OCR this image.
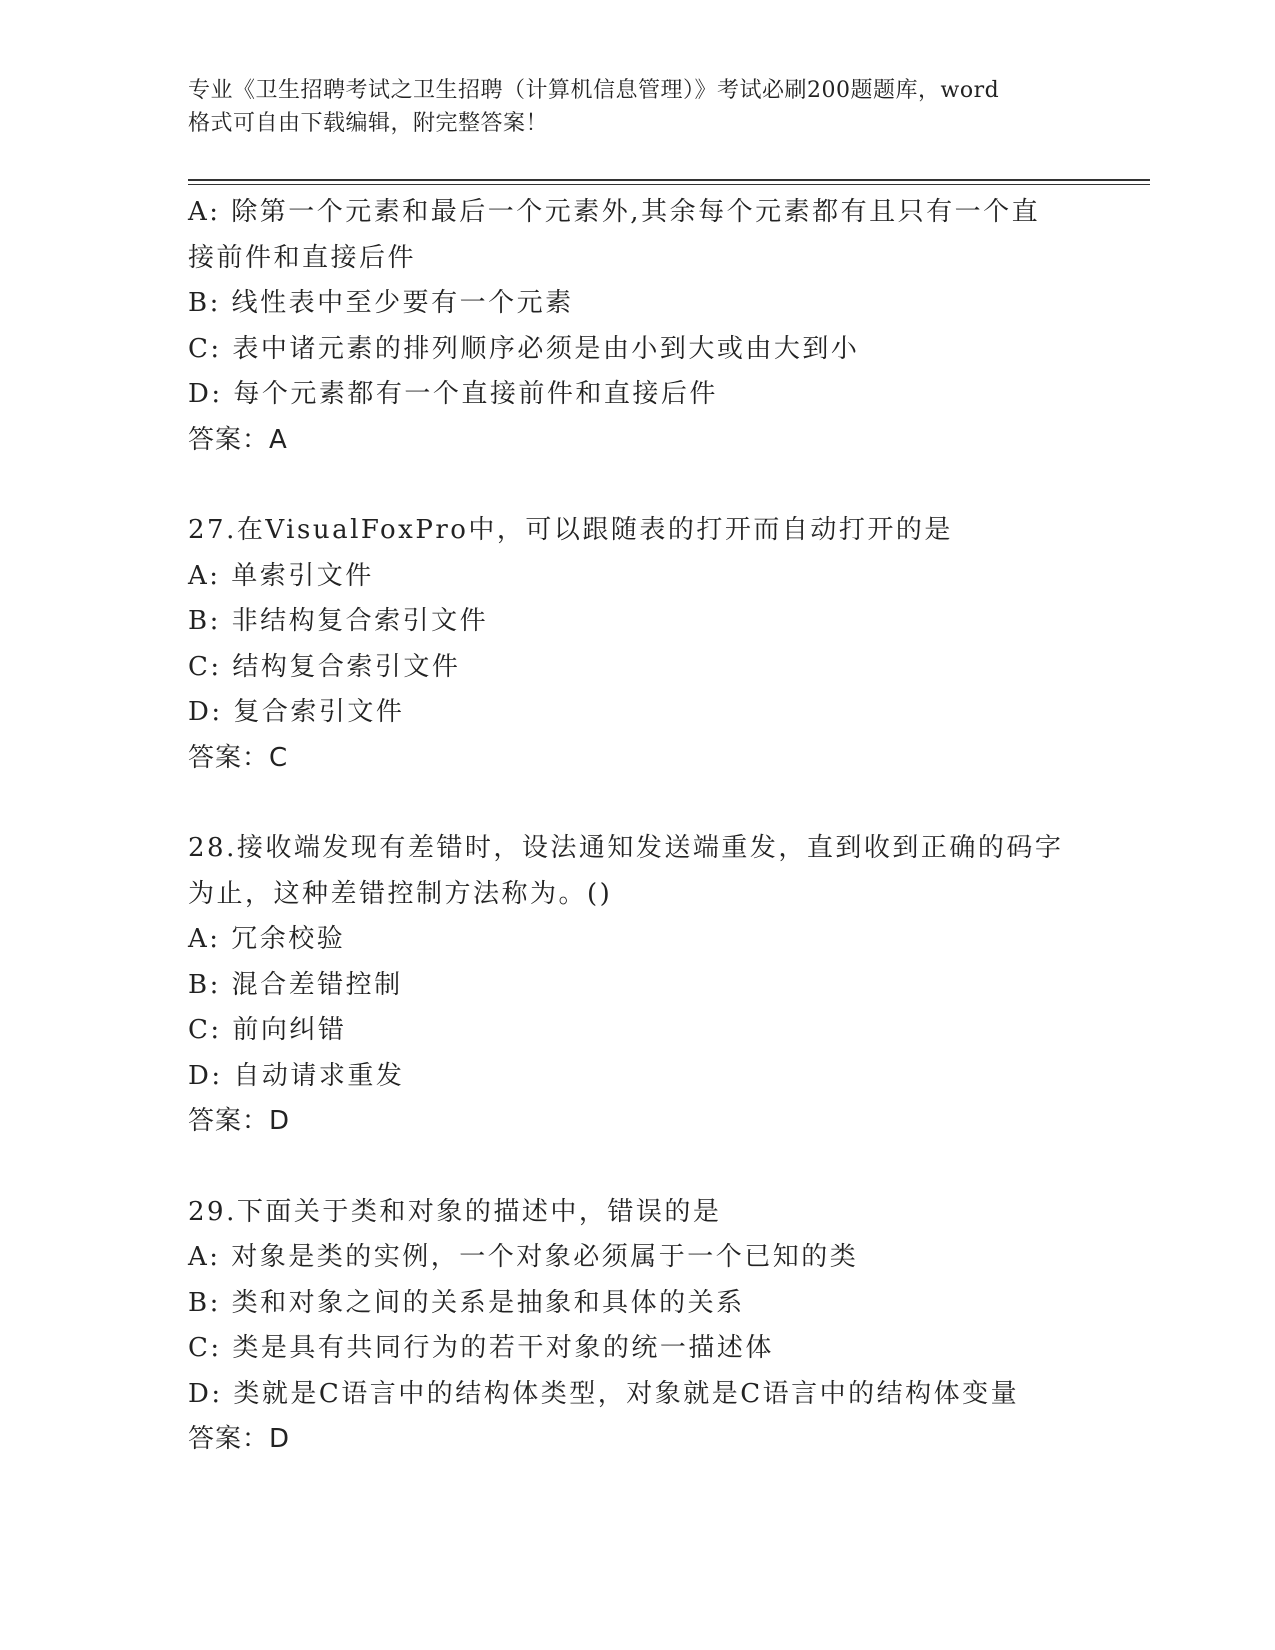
专业《卫生招聘考试之卫生招聘（计算机信息管理）》考试必刷200题题库，word
格式可自由下载编辑，附完整答案！
A: 除第一个元素和最后一个元素外,其余每个元素都有且只有一个直
接前件和直接后件
B: 线性表中至少要有一个元素
C: 表中诸元素的排列顺序必须是由小到大或由大到小
D: 每个元素都有一个直接前件和直接后件
答案：A
27.在VisualFoxPro中，可以跟随表的打开而自动打开的是
A: 单索引文件
B: 非结构复合索引文件
C: 结构复合索引文件
D: 复合索引文件
答案：C
28.接收端发现有差错时，设法通知发送端重发，直到收到正确的码字
为止，这种差错控制方法称为。()
A: 冗余校验
B: 混合差错控制
C: 前向纠错
D: 自动请求重发
答案：D
29.下面关于类和对象的描述中，错误的是
A: 对象是类的实例，一个对象必须属于一个已知的类
B: 类和对象之间的关系是抽象和具体的关系
C: 类是具有共同行为的若干对象的统一描述体
D: 类就是C语言中的结构体类型，对象就是C语言中的结构体变量
答案：D
